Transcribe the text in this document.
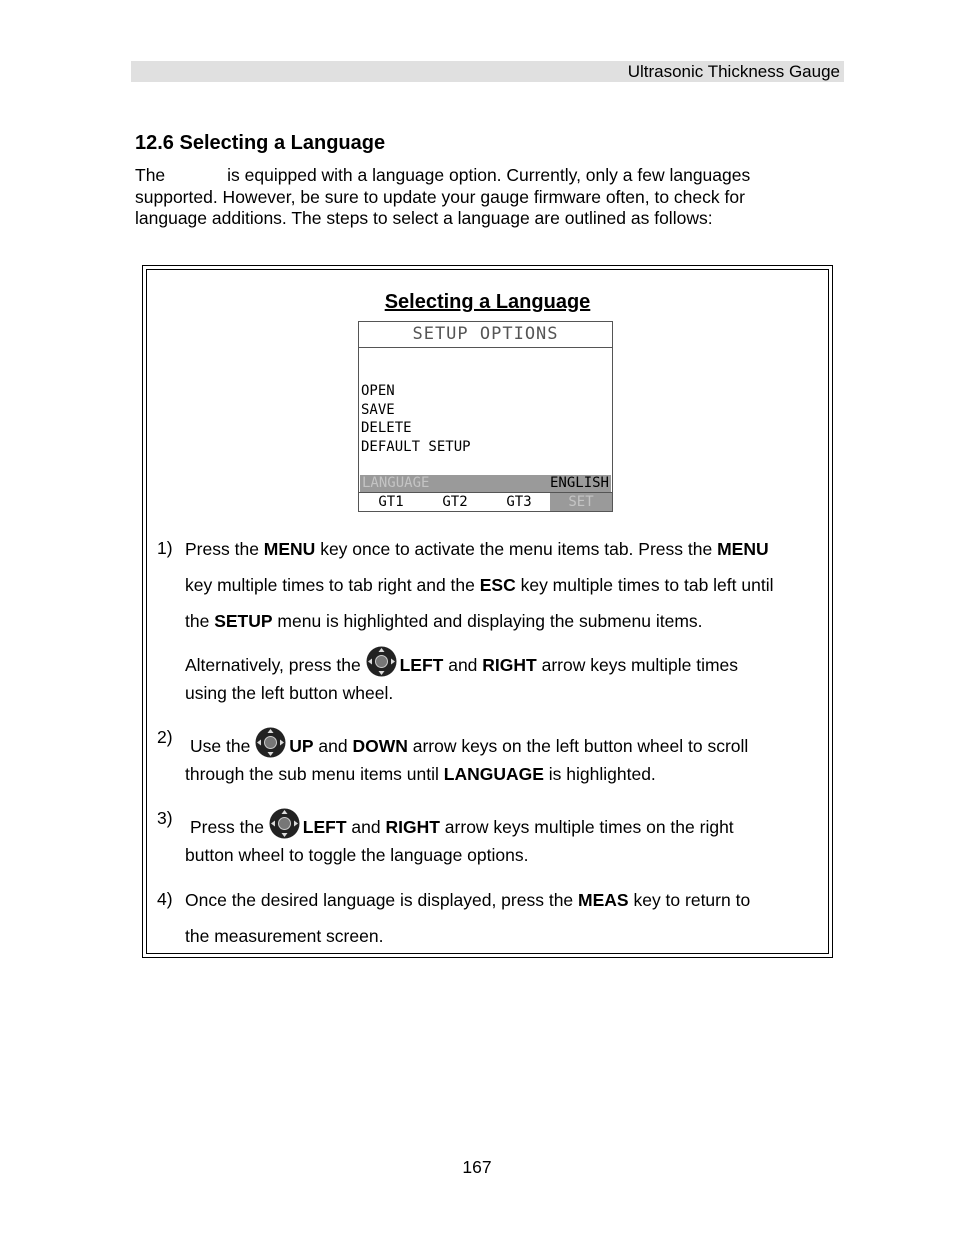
Ultrasonic Thickness Gauge
12.6 Selecting a Language
The	is equipped with a language option. Currently, only a few languages
supported. However, be sure to update your gauge firmware often, to check for
language additions. The steps to select a language are outlined as follows:
Selecting a Language
SETUP OPTIONS
OPEN
SAVE
DELETE
DEFAULT SETUP
LANGUAGE	ENGLISH
GT1	GT2	GT3	SET
1) Press the MENU key once to activate the menu items tab. Press the MENU
key multiple times to tab right and the ESC key multiple times to tab left until
the SETUP menu is highlighted and displaying the submenu items.
Alternatively, press the LEFT and RIGHT arrow keys multiple times
using the left button wheel.
2) Use the UP and DOWN arrow keys on the left button wheel to scroll
through the sub menu items until LANGUAGE is highlighted.
3) Press the LEFT and RIGHT arrow keys multiple times on the right
button wheel to toggle the language options.
4) Once the desired language is displayed, press the MEAS key to return to
the measurement screen.
167
